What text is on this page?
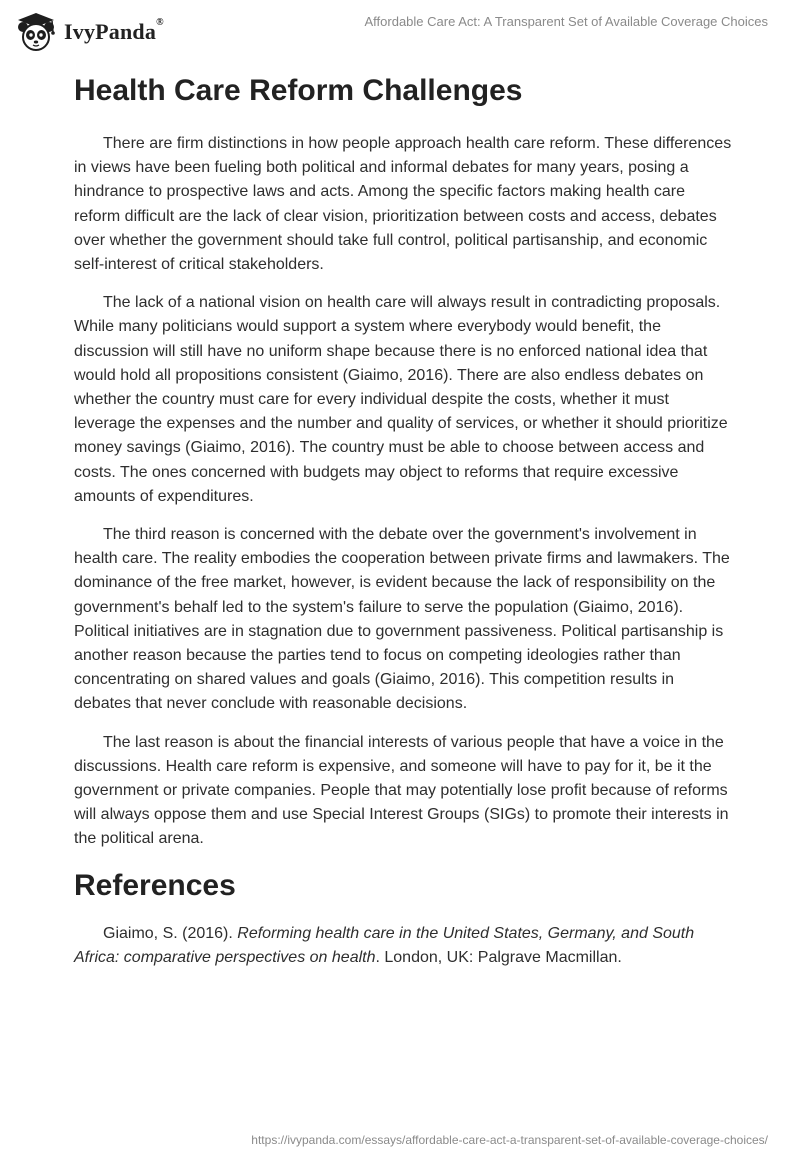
IvyPanda®	Affordable Care Act: A Transparent Set of Available Coverage Choices
Health Care Reform Challenges

There are firm distinctions in how people approach health care reform. These differences in views have been fueling both political and informal debates for many years, posing a hindrance to prospective laws and acts. Among the specific factors making health care reform difficult are the lack of clear vision, prioritization between costs and access, debates over whether the government should take full control, political partisanship, and economic self-interest of critical stakeholders.

The lack of a national vision on health care will always result in contradicting proposals. While many politicians would support a system where everybody would benefit, the discussion will still have no uniform shape because there is no enforced national idea that would hold all propositions consistent (Giaimo, 2016). There are also endless debates on whether the country must care for every individual despite the costs, whether it must leverage the expenses and the number and quality of services, or whether it should prioritize money savings (Giaimo, 2016). The country must be able to choose between access and costs. The ones concerned with budgets may object to reforms that require excessive amounts of expenditures.

The third reason is concerned with the debate over the government's involvement in health care. The reality embodies the cooperation between private firms and lawmakers. The dominance of the free market, however, is evident because the lack of responsibility on the government's behalf led to the system's failure to serve the population (Giaimo, 2016). Political initiatives are in stagnation due to government passiveness. Political partisanship is another reason because the parties tend to focus on competing ideologies rather than concentrating on shared values and goals (Giaimo, 2016). This competition results in debates that never conclude with reasonable decisions.

The last reason is about the financial interests of various people that have a voice in the discussions. Health care reform is expensive, and someone will have to pay for it, be it the government or private companies. People that may potentially lose profit because of reforms will always oppose them and use Special Interest Groups (SIGs) to promote their interests in the political arena.

References

Giaimo, S. (2016). Reforming health care in the United States, Germany, and South Africa: comparative perspectives on health. London, UK: Palgrave Macmillan.

https://ivypanda.com/essays/affordable-care-act-a-transparent-set-of-available-coverage-choices/
